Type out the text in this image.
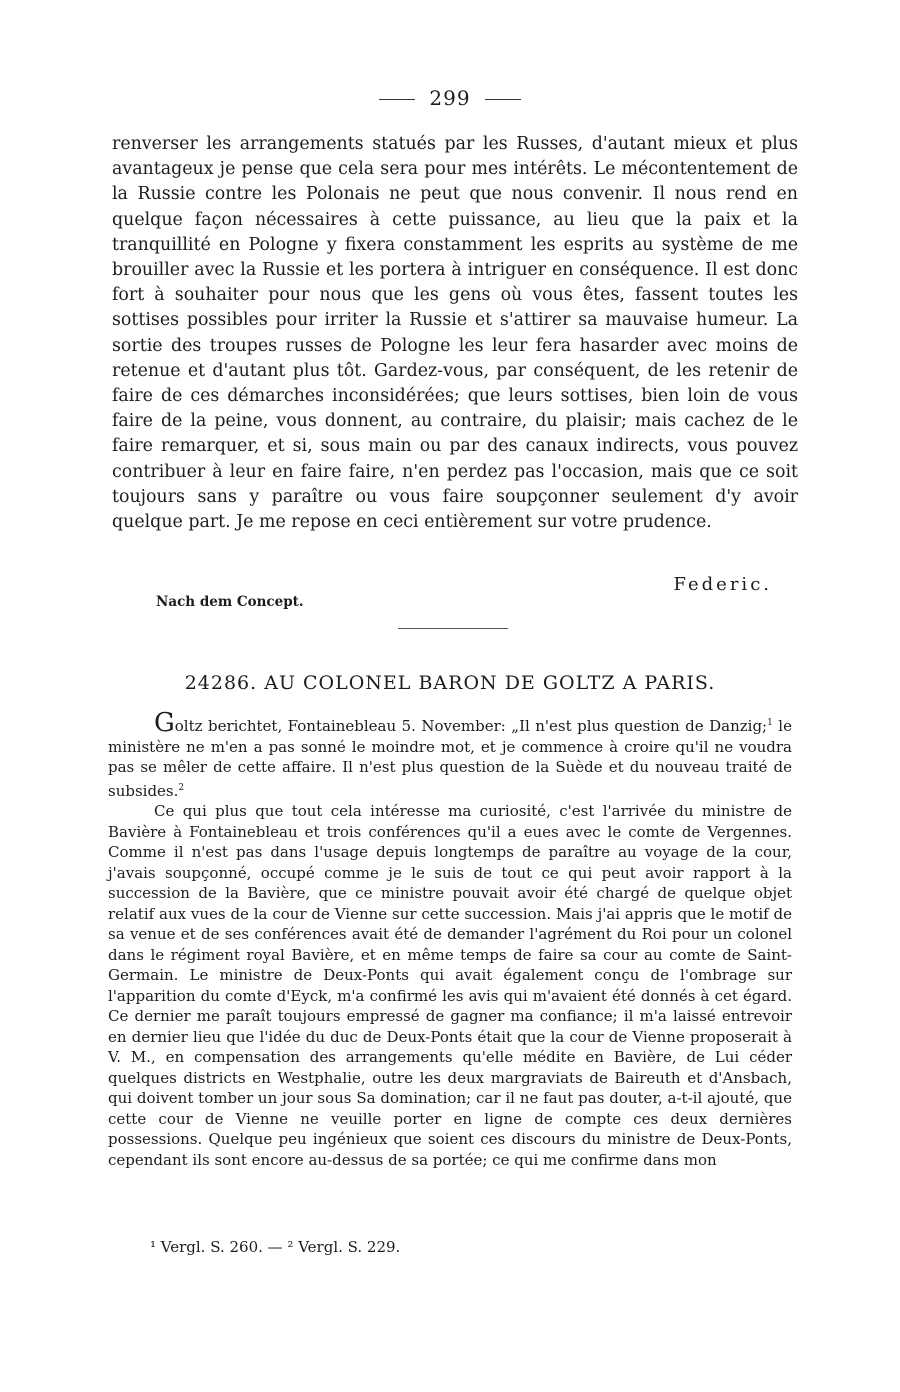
299

renverser les arrangements statués par les Russes, d'autant mieux et plus avantageux je pense que cela sera pour mes intérêts. Le mécontentement de la Russie contre les Polonais ne peut que nous convenir. Il nous rend en quelque façon nécessaires à cette puissance, au lieu que la paix et la tranquillité en Pologne y fixera constamment les esprits au système de me brouiller avec la Russie et les portera à intriguer en conséquence. Il est donc fort à souhaiter pour nous que les gens où vous êtes, fassent toutes les sottises possibles pour irriter la Russie et s'attirer sa mauvaise humeur. La sortie des troupes russes de Pologne les leur fera hasarder avec moins de retenue et d'autant plus tôt. Gardez-vous, par conséquent, de les retenir de faire de ces démarches inconsidérées; que leurs sottises, bien loin de vous faire de la peine, vous donnent, au contraire, du plaisir; mais cachez de le faire remarquer, et si, sous main ou par des canaux indirects, vous pouvez contribuer à leur en faire faire, n'en perdez pas l'occasion, mais que ce soit toujours sans y paraître ou vous faire soupçonner seulement d'y avoir quelque part. Je me repose en ceci entièrement sur votre prudence.

Nach dem Concept.
Federic.
24286. AU COLONEL BARON DE GOLTZ A PARIS.

Goltz berichtet, Fontainebleau 5. November: „Il n'est plus question de Danzig;$^1$ le ministère ne m'en a pas sonné le moindre mot, et je commence à croire qu'il ne voudra pas se mêler de cette affaire. Il n'est plus question de la Suède et du nouveau traité de subsides.$^2$

Ce qui plus que tout cela intéresse ma curiosité, c'est l'arrivée du ministre de Bavière à Fontainebleau et trois conférences qu'il a eues avec le comte de Vergennes. Comme il n'est pas dans l'usage depuis longtemps de paraître au voyage de la cour, j'avais soupçonné, occupé comme je le suis de tout ce qui peut avoir rapport à la succession de la Bavière, que ce ministre pouvait avoir été chargé de quelque objet relatif aux vues de la cour de Vienne sur cette succession. Mais j'ai appris que le motif de sa venue et de ses conférences avait été de demander l'agrément du Roi pour un colonel dans le régiment royal Bavière, et en même temps de faire sa cour au comte de Saint-Germain. Le ministre de Deux-Ponts qui avait également conçu de l'ombrage sur l'apparition du comte d'Eyck, m'a confirmé les avis qui m'avaient été donnés à cet égard. Ce dernier me paraît toujours empressé de gagner ma confiance; il m'a laissé entrevoir en dernier lieu que l'idée du duc de Deux-Ponts était que la cour de Vienne proposerait à V. M., en compensation des arrangements qu'elle médite en Bavière, de Lui céder quelques districts en Westphalie, outre les deux margraviats de Baireuth et d'Ansbach, qui doivent tomber un jour sous Sa domination; car il ne faut pas douter, a-t-il ajouté, que cette cour de Vienne ne veuille porter en ligne de compte ces deux dernières possessions. Quelque peu ingénieux que soient ces discours du ministre de Deux-Ponts, cependant ils sont encore au-dessus de sa portée; ce qui me confirme dans mon

¹ Vergl. S. 260. — ² Vergl. S. 229.
